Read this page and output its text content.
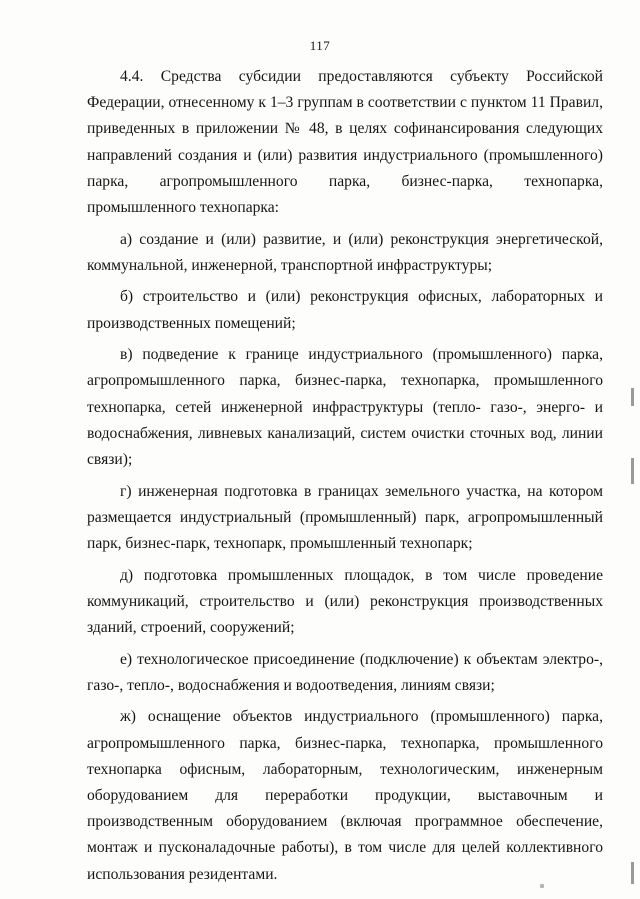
117

4.4. Средства субсидии предоставляются субъекту Российской Федерации, отнесенному к 1–3 группам в соответствии с пунктом 11 Правил, приведенных в приложении № 48, в целях софинансирования следующих направлений создания и (или) развития индустриального (промышленного) парка, агропромышленного парка, бизнес-парка, технопарка, промышленного технопарка:

а) создание и (или) развитие, и (или) реконструкция энергетической, коммунальной, инженерной, транспортной инфраструктуры;

б) строительство и (или) реконструкция офисных, лабораторных и производственных помещений;

в) подведение к границе индустриального (промышленного) парка, агропромышленного парка, бизнес-парка, технопарка, промышленного технопарка, сетей инженерной инфраструктуры (тепло- газо-, энерго- и водоснабжения, ливневых канализаций, систем очистки сточных вод, линии связи);

г) инженерная подготовка в границах земельного участка, на котором размещается индустриальный (промышленный) парк, агропромышленный парк, бизнес-парк, технопарк, промышленный технопарк;

д) подготовка промышленных площадок, в том числе проведение коммуникаций, строительство и (или) реконструкция производственных зданий, строений, сооружений;

е) технологическое присоединение (подключение) к объектам электро-, газо-, тепло-, водоснабжения и водоотведения, линиям связи;

ж) оснащение объектов индустриального (промышленного) парка, агропромышленного парка, бизнес-парка, технопарка, промышленного технопарка офисным, лабораторным, технологическим, инженерным оборудованием для переработки продукции, выставочным и производственным оборудованием (включая программное обеспечение, монтаж и пусконаладочные работы), в том числе для целей коллективного использования резидентами.
